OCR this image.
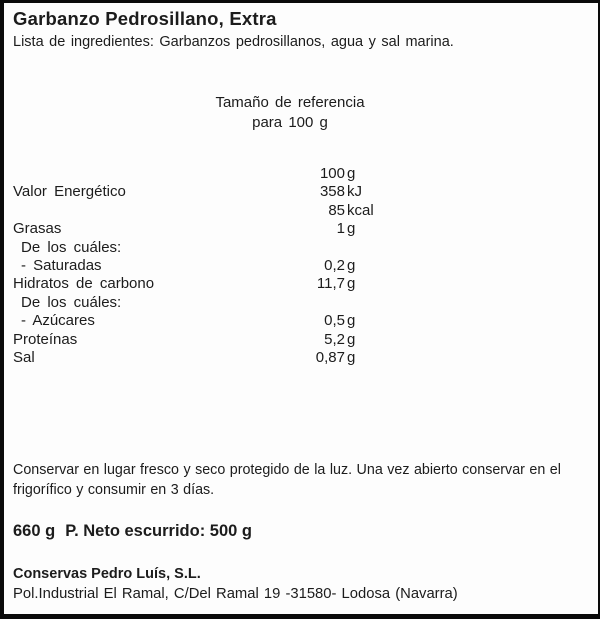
Garbanzo Pedrosillano, Extra
Lista de ingredientes: Garbanzos pedrosillanos, agua y sal marina.
Tamaño de referencia
para 100 g
100 g
Valor Energético	358 kJ
85 kcal
Grasas	1 g
De los cuáles:
- Saturadas	0,2 g
Hidratos de carbono	11,7 g
De los cuáles:
- Azúcares	0,5 g
Proteínas	5,2 g
Sal	0,87 g
Conservar en lugar fresco y seco protegido de la luz. Una vez abierto conservar en el frigorífico y consumir en 3 días.
660 g P. Neto escurrido: 500 g
Conservas Pedro Luís, S.L.
Pol.Industrial El Ramal, C/Del Ramal 19 -31580- Lodosa (Navarra)
